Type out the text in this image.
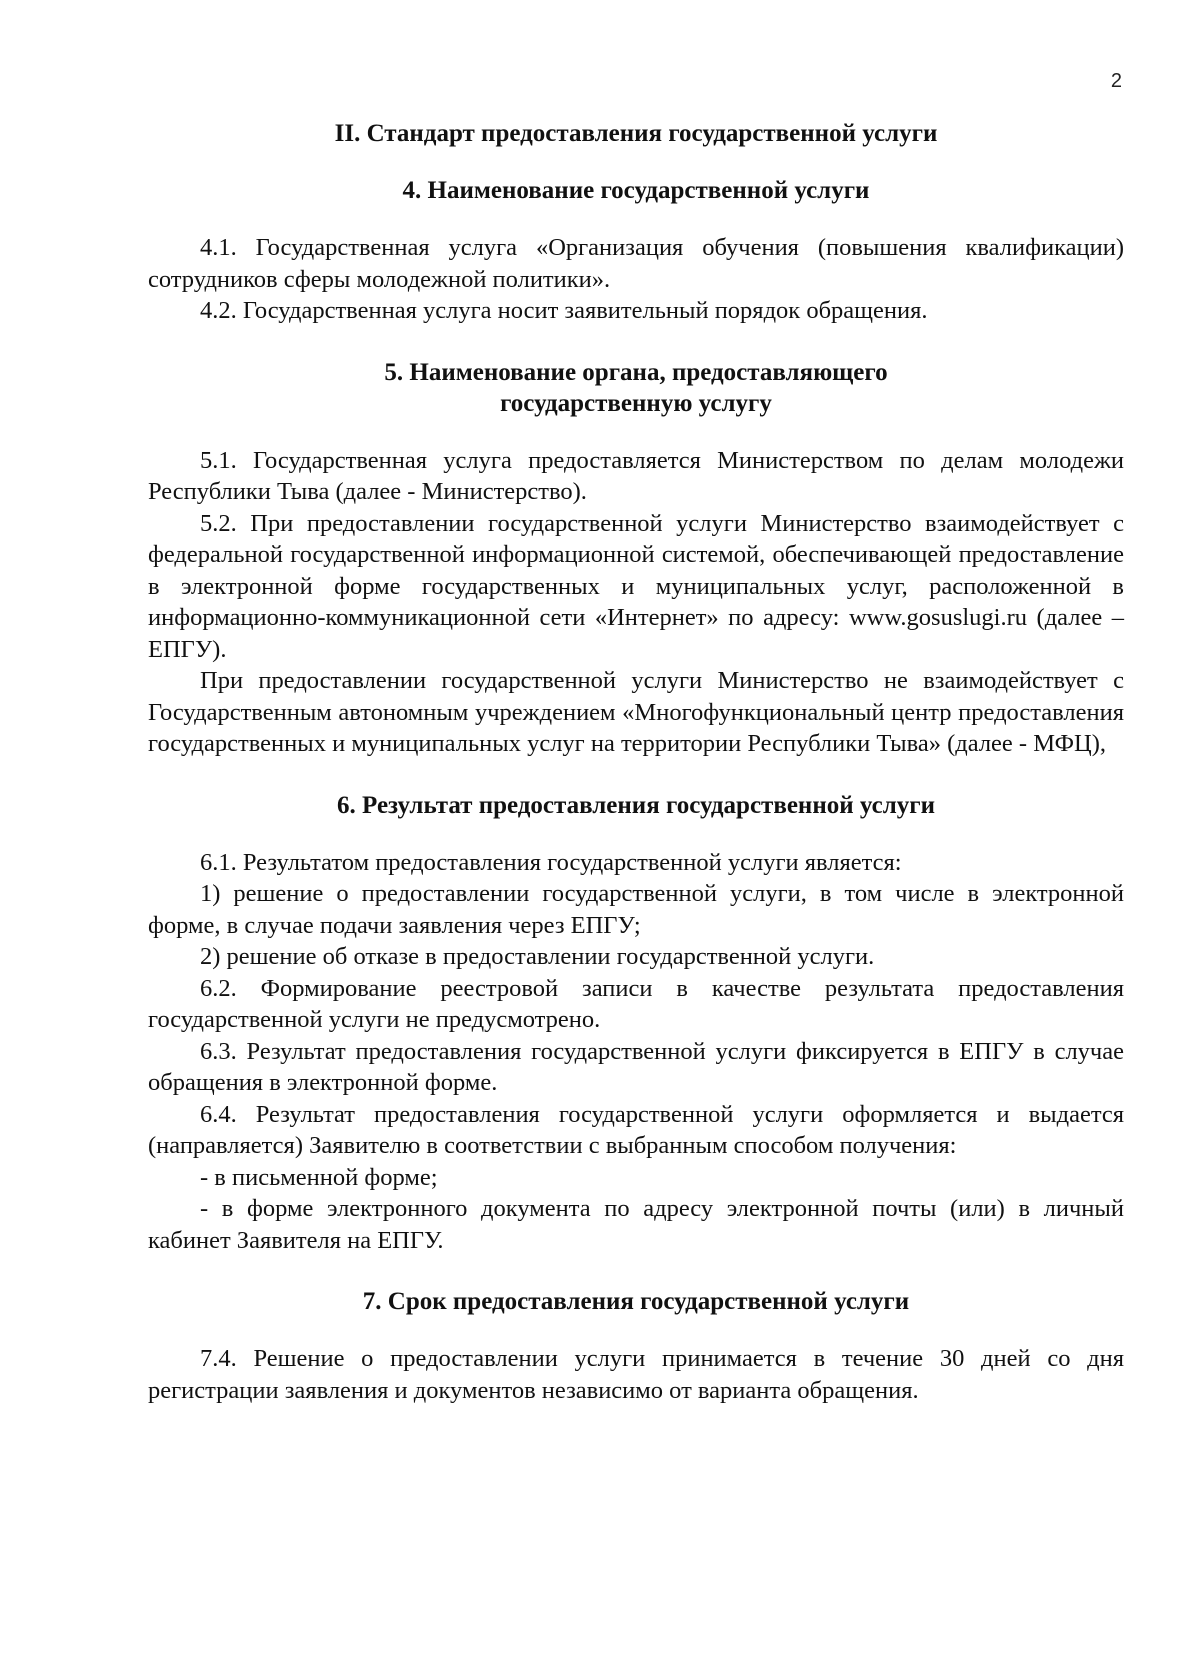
2

II. Стандарт предоставления государственной услуги

4. Наименование государственной услуги

4.1. Государственная услуга «Организация обучения (повышения квалификации) сотрудников сферы молодежной политики».

4.2. Государственная услуга носит заявительный порядок обращения.

5. Наименование органа, предоставляющего

государственную услугу

5.1. Государственная услуга предоставляется Министерством по делам молодежи Республики Тыва (далее - Министерство).

5.2. При предоставлении государственной услуги Министерство взаимодействует с федеральной государственной информационной системой, обеспечивающей предоставление в электронной форме государственных и муниципальных услуг, расположенной в информационно-коммуникационной сети «Интернет» по адресу: www.gosuslugi.ru (далее – ЕПГУ).

При предоставлении государственной услуги Министерство не взаимодействует с Государственным автономным учреждением «Многофункциональный центр предоставления государственных и муниципальных услуг на территории Республики Тыва» (далее - МФЦ),

6. Результат предоставления государственной услуги

6.1. Результатом предоставления государственной услуги является:

1) решение о предоставлении государственной услуги, в том числе в электронной форме, в случае подачи заявления через ЕПГУ;

2) решение об отказе в предоставлении государственной услуги.

6.2. Формирование реестровой записи в качестве результата предоставления государственной услуги не предусмотрено.

6.3. Результат предоставления государственной услуги фиксируется в ЕПГУ в случае обращения в электронной форме.

6.4. Результат предоставления государственной услуги оформляется и выдается (направляется) Заявителю в соответствии с выбранным способом получения:

- в письменной форме;

- в форме электронного документа по адресу электронной почты (или) в личный кабинет Заявителя на ЕПГУ.

7. Срок предоставления государственной услуги

7.4. Решение о предоставлении услуги принимается в течение 30 дней со дня регистрации заявления и документов независимо от варианта обращения.
